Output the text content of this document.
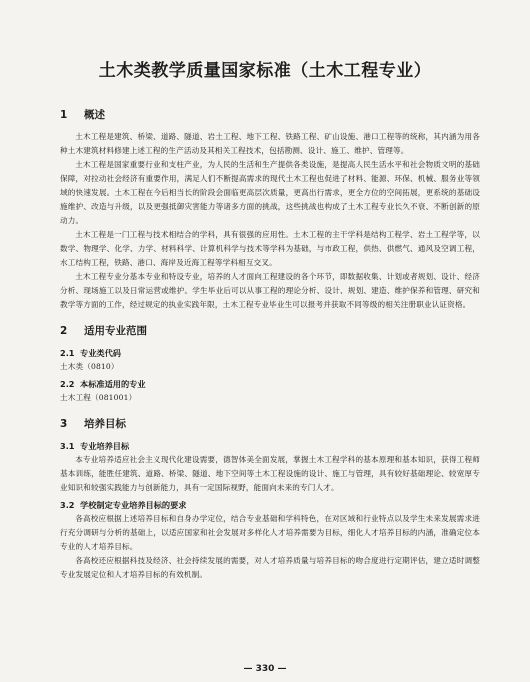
土木类教学质量国家标准（土木工程专业）
1 概述

土木工程是建筑、桥梁、道路、隧道、岩土工程、地下工程、铁路工程、矿山设施、港口工程等的统称，其内涵为用各种土木建筑材料修建上述工程的生产活动及其相关工程技术，包括勘测、设计、施工、维护、管理等。

土木工程是国家重要行业和支柱产业，为人民的生活和生产提供各类设施，是提高人民生活水平和社会物质文明的基础保障，对拉动社会经济有重要作用，满足人们不断提高需求的现代土木工程也促进了材料、能源、环保、机械、服务业等领域的快速发展。土木工程在今后相当长的阶段会面临更高层次质量，更高出行需求，更全方位的空间拓展，更系统的基础设施维护、改造与升级，以及更强抵御灾害能力等诸多方面的挑战，这些挑战也构成了土木工程专业长久不衰、不断创新的原动力。

土木工程是一门工程与技术相结合的学科，具有很强的应用性。土木工程的主干学科是结构工程学、岩土工程学等，以数学、物理学、化学、力学、材料科学、计算机科学与技术等学科为基础，与市政工程，供热、供燃气、通风及空调工程，水工结构工程，铁路、港口、海岸及近海工程等学科相互交叉。

土木工程专业分基本专业和特设专业，培养的人才面向工程建设的各个环节，即数据收集、计划或者规划、设计、经济分析、现场施工以及日常运营或维护。学生毕业后可以从事工程的理论分析、设计、规划、建造、维护保养和管理、研究和教学等方面的工作，经过规定的执业实践年限，土木工程专业毕业生可以报考并获取不同等级的相关注册职业认证资格。

2 适用专业范围
2.1 专业类代码

土木类（0810）

2.2 本标准适用的专业

土木工程（081001）

3 培养目标
3.1 专业培养目标

本专业培养适应社会主义现代化建设需要，德智体美全面发展，掌握土木工程学科的基本原理和基本知识，获得工程师基本训练，能胜任建筑、道路、桥梁、隧道、地下空间等土木工程设施的设计、施工与管理，具有较好基础理论、较宽厚专业知识和较强实践能力与创新能力，具有一定国际视野，能面向未来的专门人才。

3.2 学校制定专业培养目标的要求

各高校应根据上述培养目标和自身办学定位，结合专业基础和学科特色，在对区域和行业特点以及学生未来发展需求进行充分调研与分析的基础上，以适应国家和社会发展对多样化人才培养需要为目标，细化人才培养目标的内涵，准确定位本专业的人才培养目标。

各高校还应根据科技及经济、社会持续发展的需要，对人才培养质量与培养目标的吻合度进行定期评估，建立适时调整专业发展定位和人才培养目标的有效机制。

— 330 —
